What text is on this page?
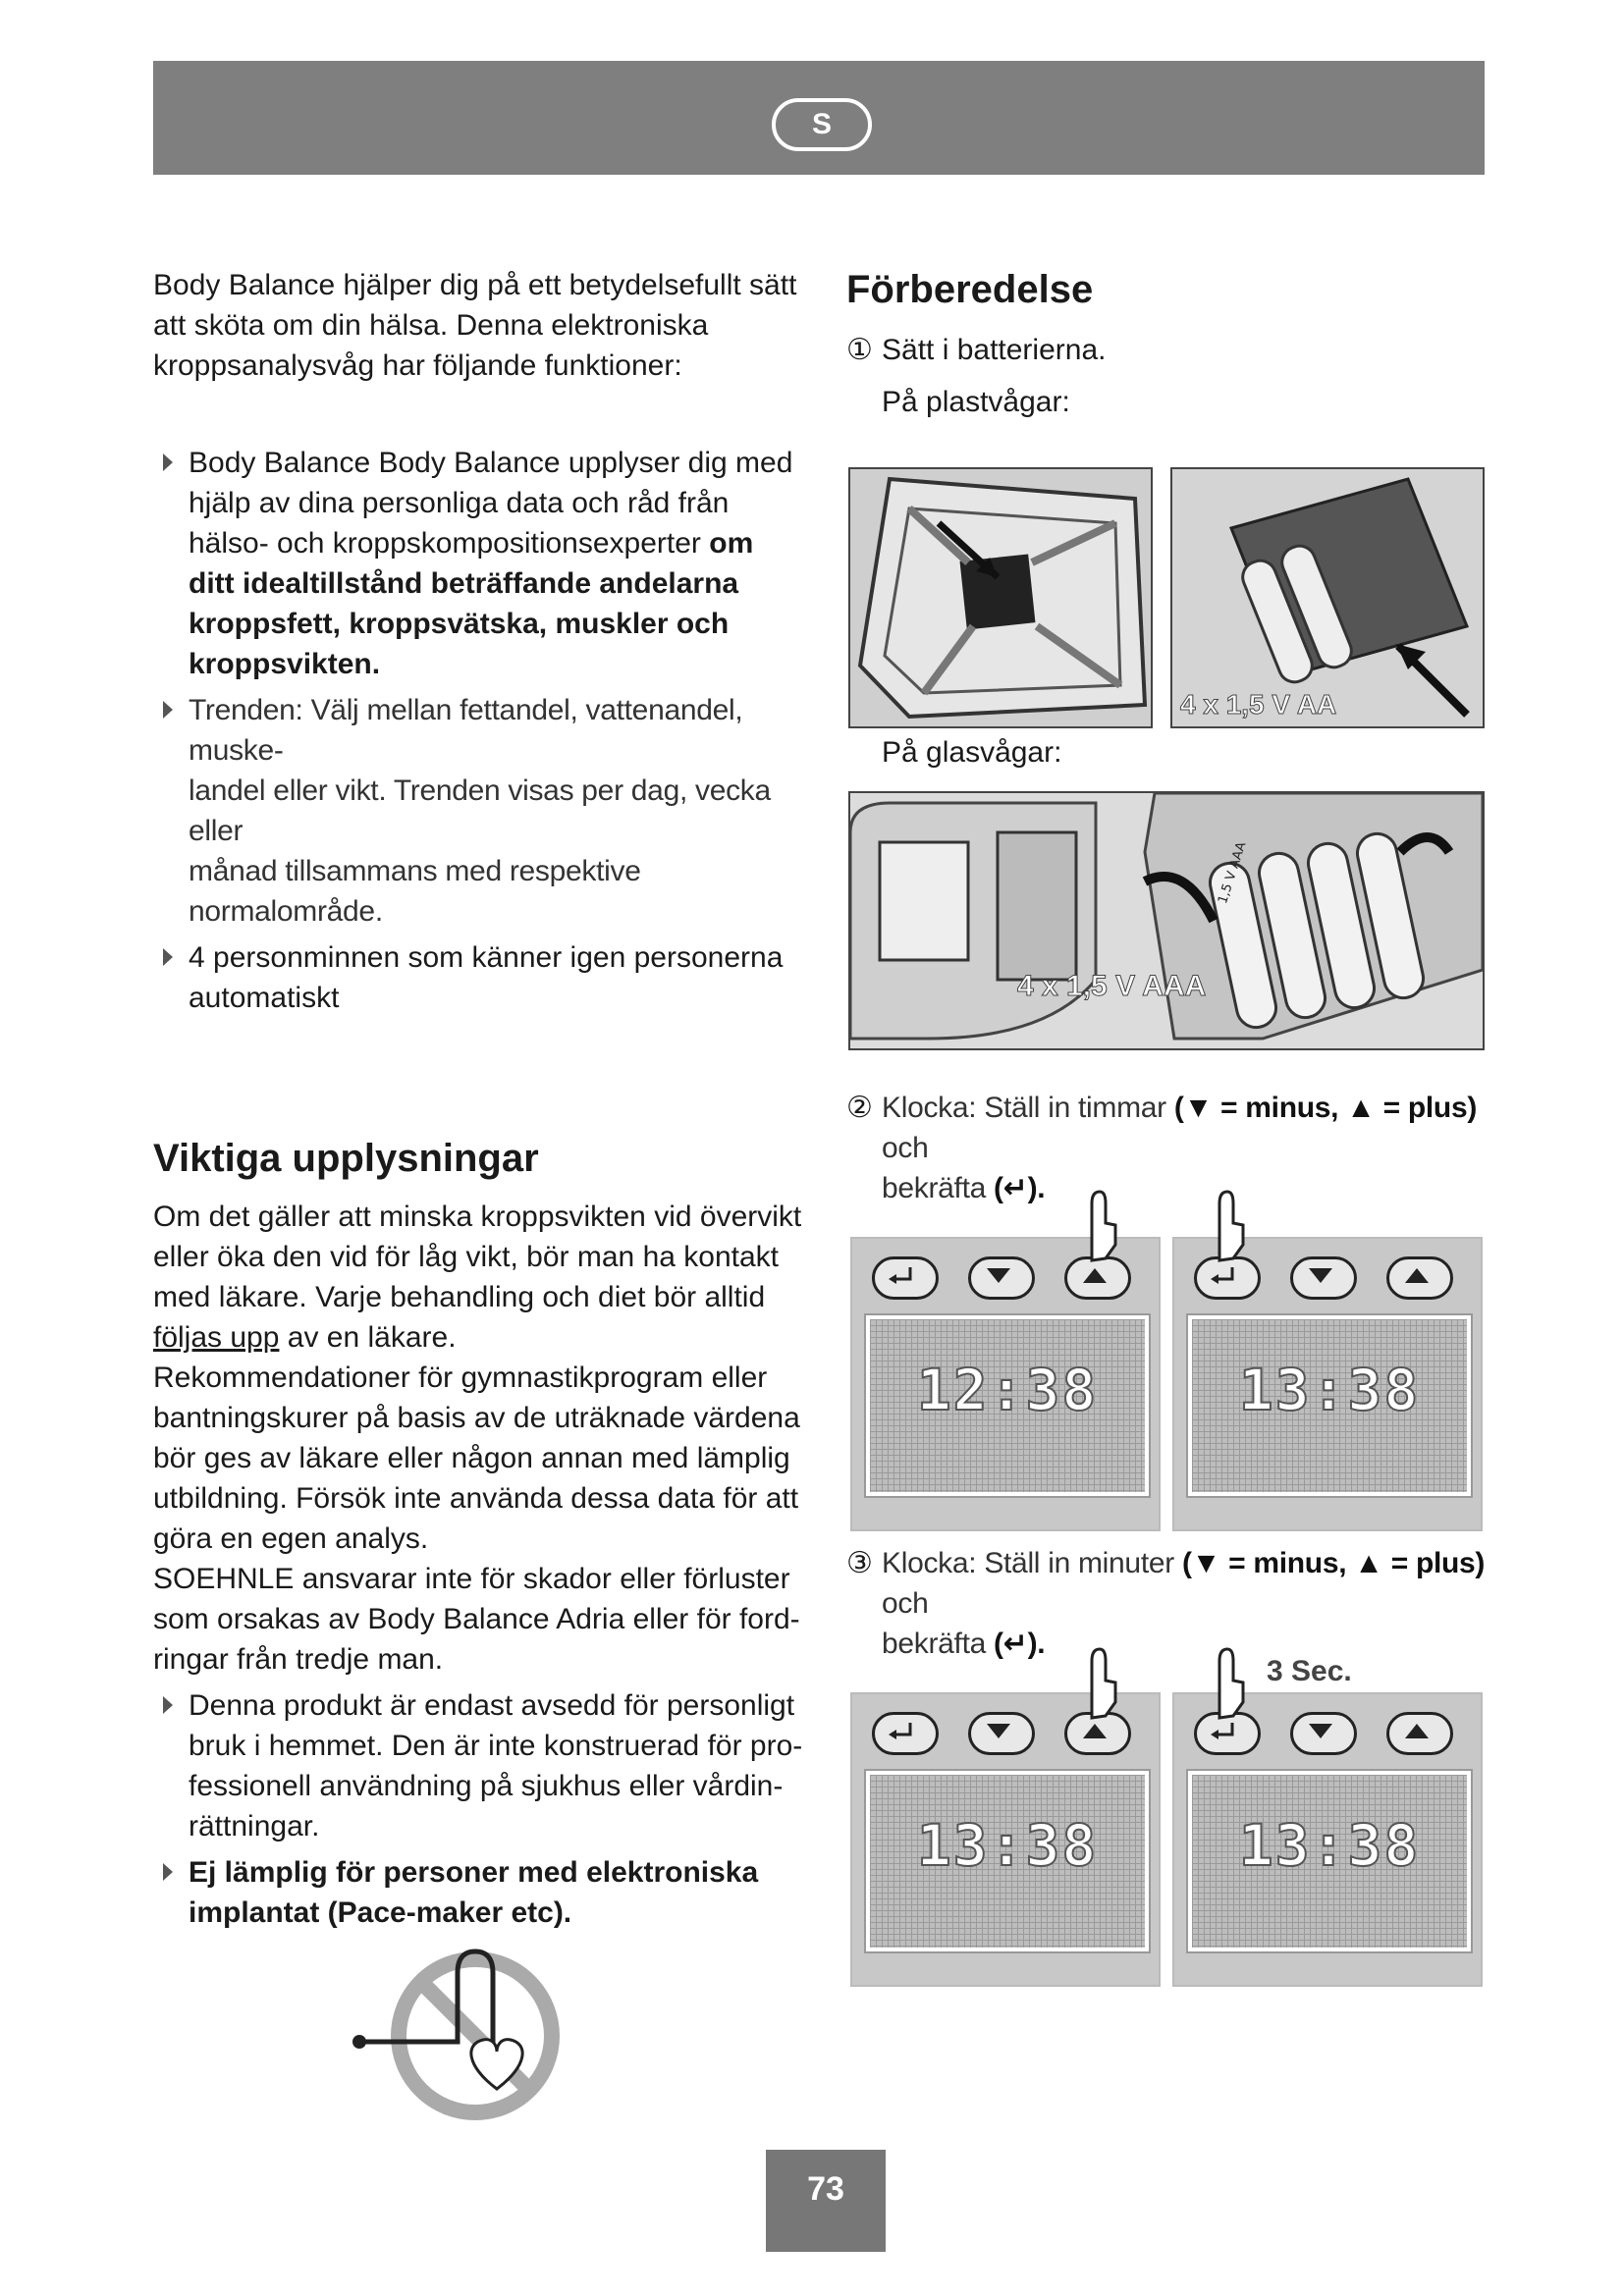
S

Body Balance hjälper dig på ett betydelsefullt sätt

att sköta om din hälsa. Denna elektroniska

kroppsanalysvåg har följande funktioner:

Body Balance Body Balance upplyser dig med

hjälp av dina personliga data och råd från

hälso- och kroppskompositionsexperter om

ditt idealtillstånd beträffande andelarna

kroppsfett, kroppsvätska, muskler och

kroppsvikten.

Trenden: Välj mellan fettandel, vattenandel, muske-

landel eller vikt. Trenden visas per dag, vecka eller

månad tillsammans med respektive normalområde.

4 personminnen som känner igen personerna

automatiskt

Viktiga upplysningar

Om det gäller att minska kroppsvikten vid övervikt

eller öka den vid för låg vikt, bör man ha kontakt

med läkare. Varje behandling och diet bör alltid

följas upp av en läkare.

Rekommendationer för gymnastikprogram eller

bantningskurer på basis av de uträknade värdena

bör ges av läkare eller någon annan med lämplig

utbildning. Försök inte använda dessa data för att

göra en egen analys.

SOEHNLE ansvarar inte för skador eller förluster

som orsakas av Body Balance Adria eller för ford-

ringar från tredje man.

Denna produkt är endast avsedd för personligt

bruk i hemmet. Den är inte konstruerad för pro-

fessionell användning på sjukhus eller vårdin-

rättningar.

Ej lämplig för personer med elektroniska

implantat (Pace-maker etc).

Förberedelse
① Sätt i batterierna.

På plastvågar:

4 x 1,5 V AA
På glasvågar:
1,5 V AAA
4 x 1,5 V AAA
② Klocka: Ställ in timmar (▼ = minus, ▲ = plus) och

bekräfta (↵).

12:38	13:38
③ Klocka: Ställ in minuter (▼ = minus, ▲ = plus) och

bekräfta (↵).

13:38	13:38
3 Sec.
73
